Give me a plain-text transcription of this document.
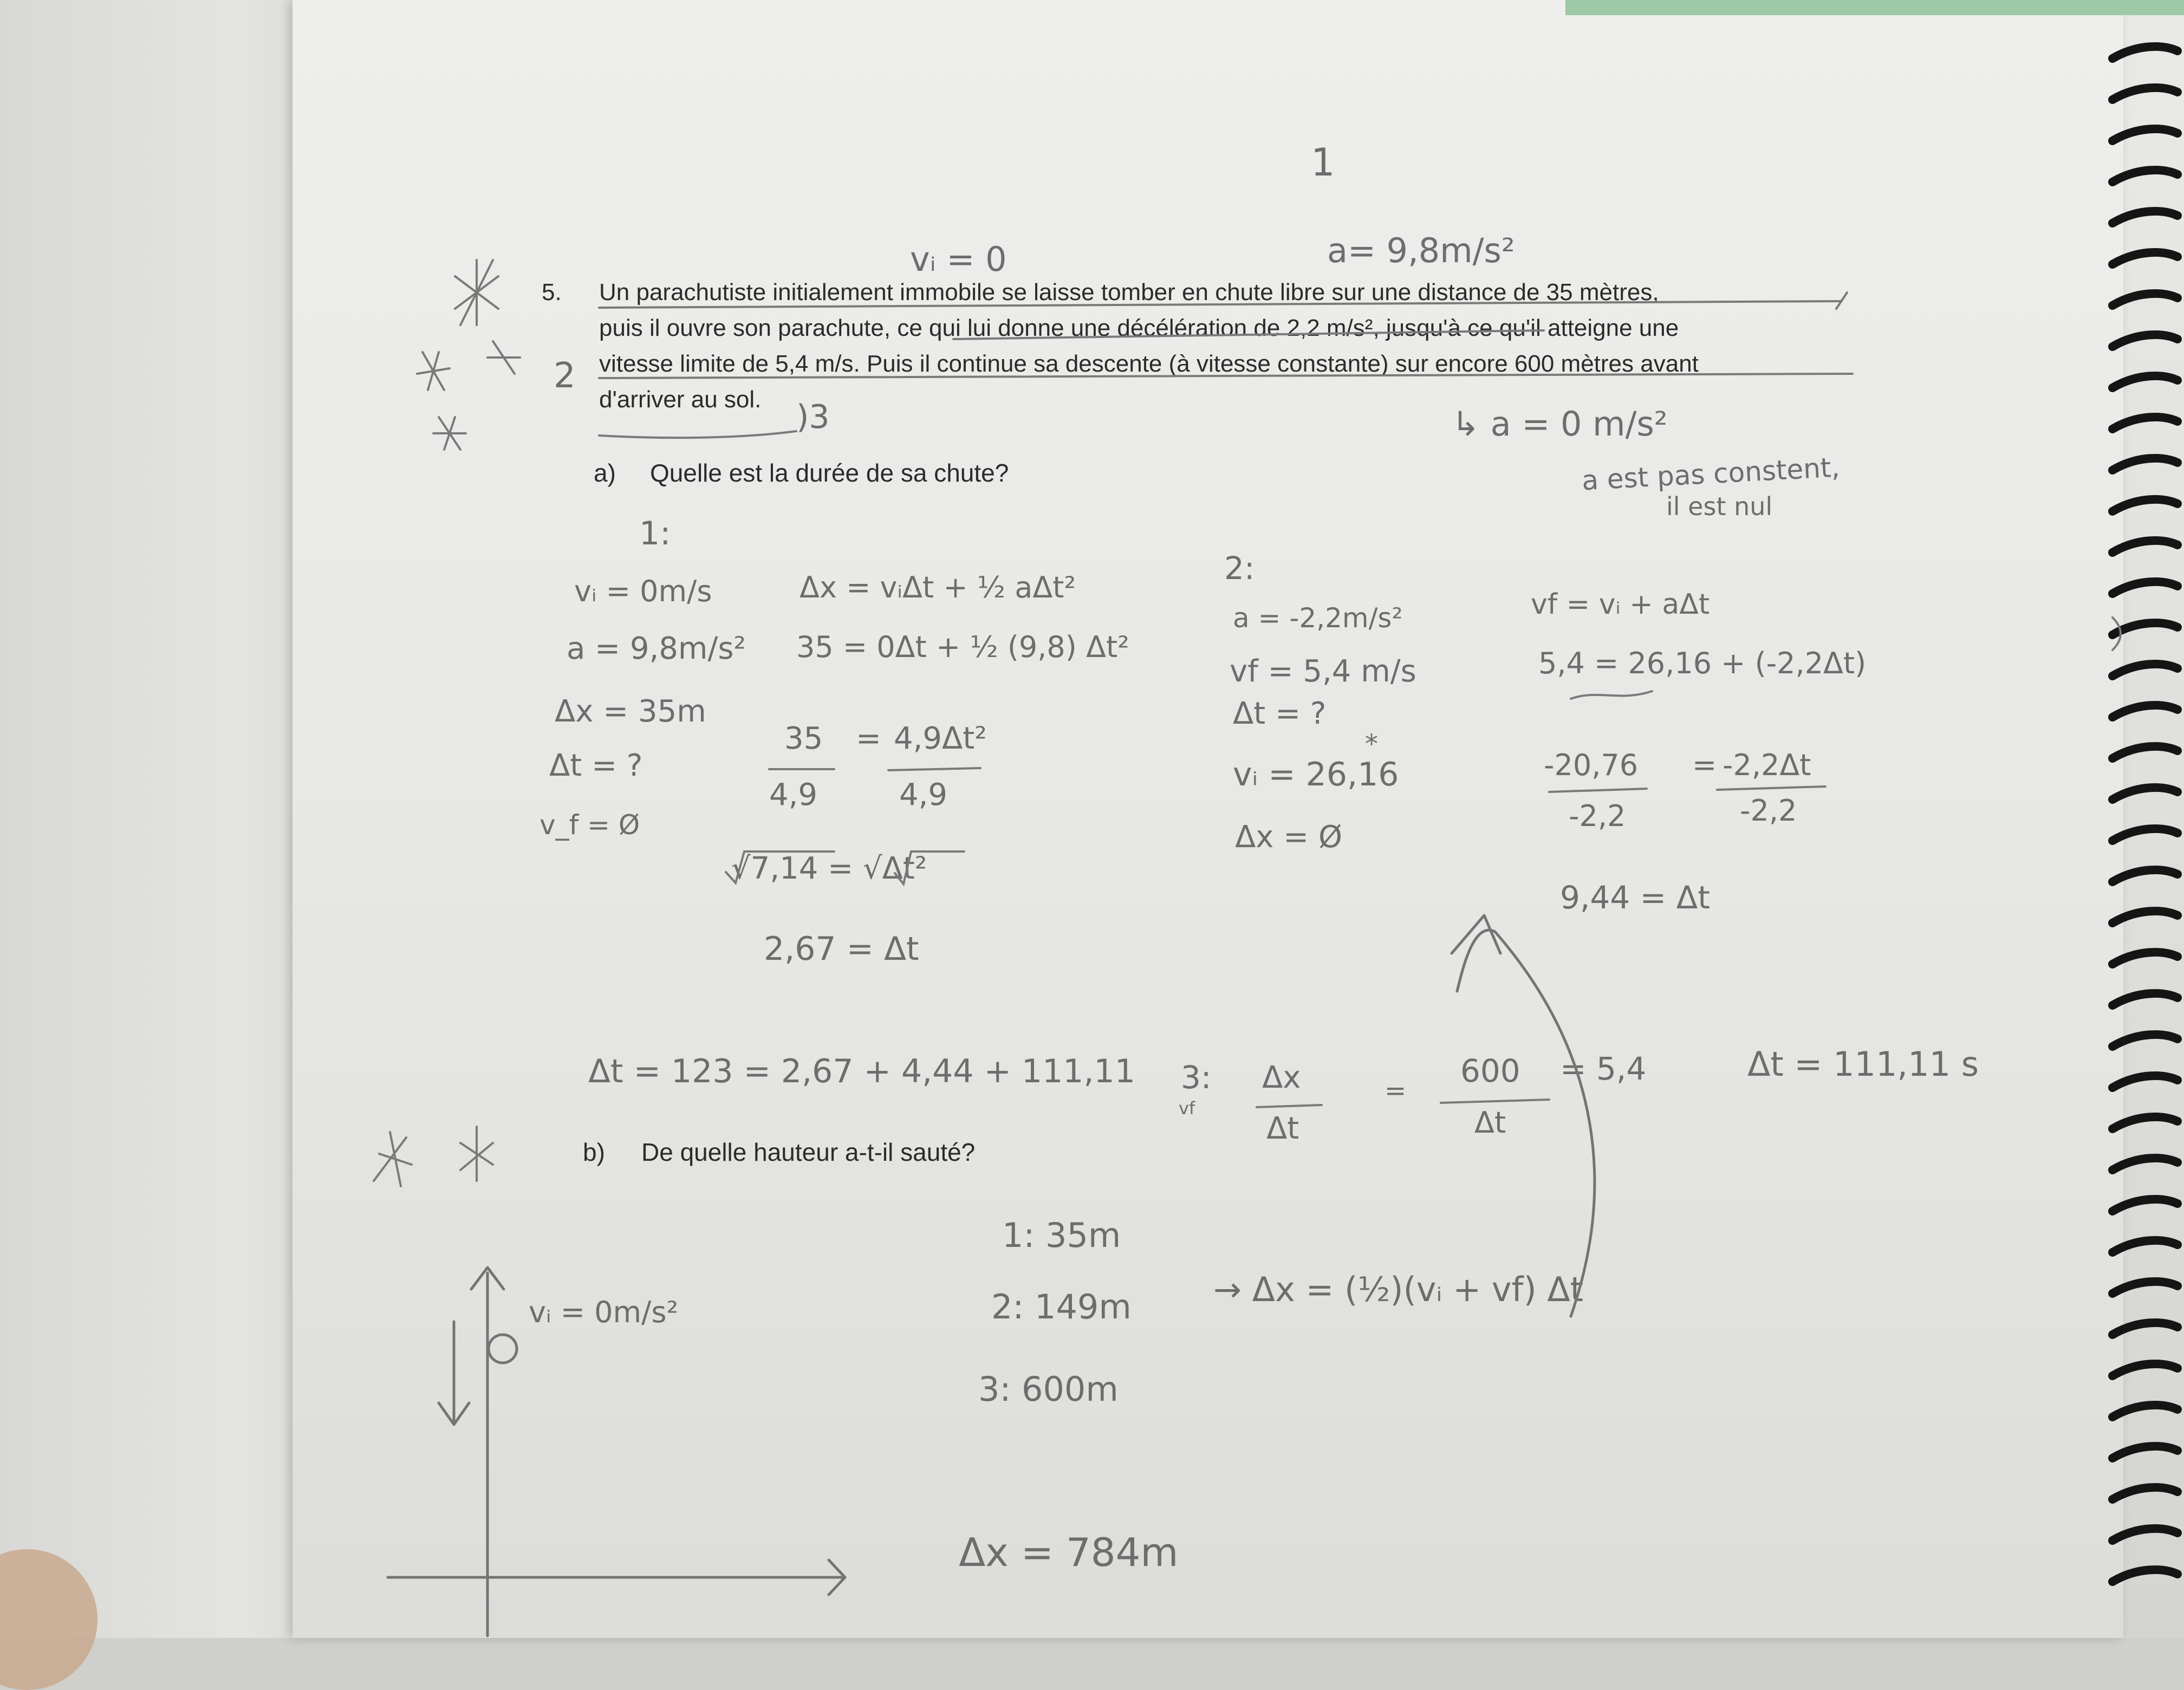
1
vᵢ = 0	a= 9,8m/s²
5. Un parachutiste initialement immobile se laisse tomber en chute libre sur une distance de 35 mètres,
puis il ouvre son parachute, ce qui lui donne une décélération de 2,2 m/s², jusqu'à ce qu'il atteigne une
vitesse limite de 5,4 m/s. Puis il continue sa descente (à vitesse constante) sur encore 600 mètres avant
d'arriver au sol.
a) Quelle est la durée de sa chute?
b) De quelle hauteur a-t-il sauté?
2
)3	↳ a = 0 m/s²
a est pas constent,
il est nul
1:
vᵢ = 0m/s
a = 9,8m/s²
Δx = 35m
Δt = ?
v_f = Ø
Δx = vᵢΔt + ½ aΔt²
35 = 0Δt + ½ (9,8) Δt²
35
4,9
= 4,9Δt²
4,9
√7,14 = √Δt²
2,67 = Δt
2:
a = -2,2m/s²
vf = 5,4 m/s
Δt = ?
*
vᵢ = 26,16
Δx = Ø
vf = vᵢ + aΔt
5,4 = 26,16 + (-2,2Δt)
-20,76
-2,2
= -2,2Δt
-2,2
9,44 = Δt
Δt = 123 = 2,67 + 4,44 + 111,11 3:
vf
Δx
Δt
=
600
Δt
= 5,4	Δt = 111,11 s
1: 35m
2: 149m → Δx = (½)(vᵢ + vf) Δt
3: 600m
Δx = 784m
vᵢ = 0m/s²
